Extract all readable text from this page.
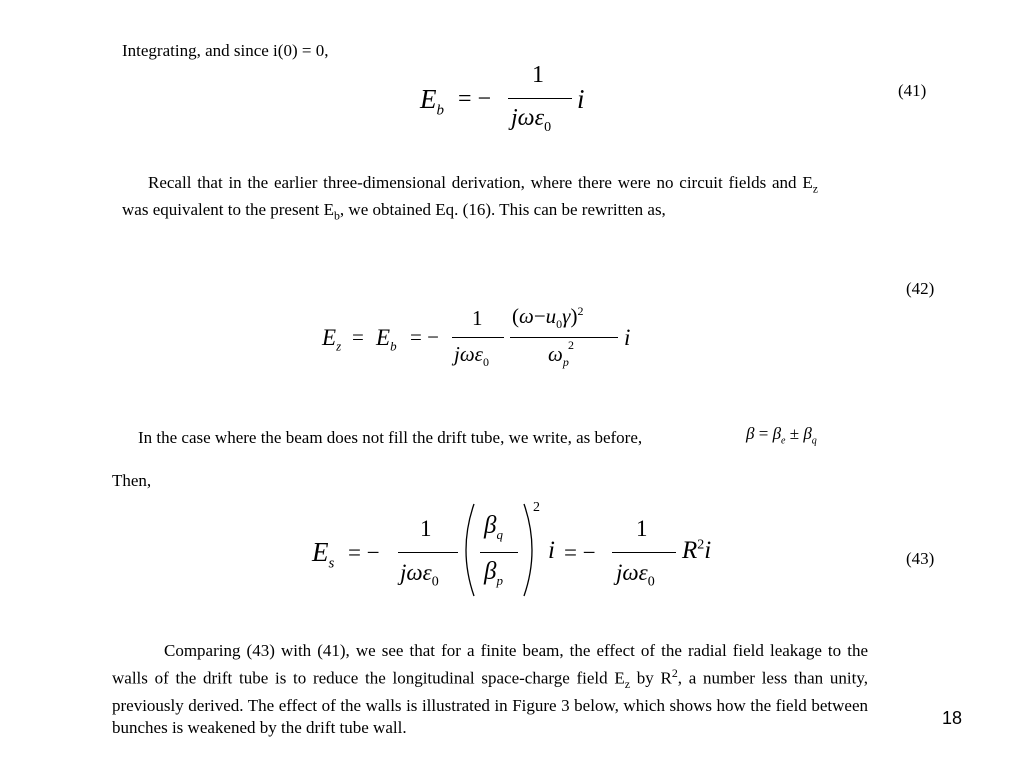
Integrating, and since i(0) = 0,
$E_b$ = −
1
jωε$_0$
i	(41)
Recall that in the earlier three-dimensional derivation, where there were no circuit fields and $E_z$ was equivalent to the present $E_b$, we obtained Eq. (16). This can be rewritten as,
(42)
$E_z = E_b$ = −
1
jωε$_0$
$(\omega-u_0\gamma)^2$
$\omega_p$
2 i
In the case where the beam does not fill the drift tube, we write, as before,	$\beta = \beta_e \pm \beta_q$
Then,
$E_s$ = −
1
jωε$_0$
2
$\beta_q$
$\beta_p$
i = −
1
jωε$_0$
$R^2i$	(43)
Comparing (43) with (41), we see that for a finite beam, the effect of the radial field leakage to the walls of the drift tube is to reduce the longitudinal space-charge field $E_z$ by $R^2$, a number less than unity, previously derived. The effect of the walls is illustrated in Figure 3 below, which shows how the field between bunches is weakened by the drift tube wall.	18
